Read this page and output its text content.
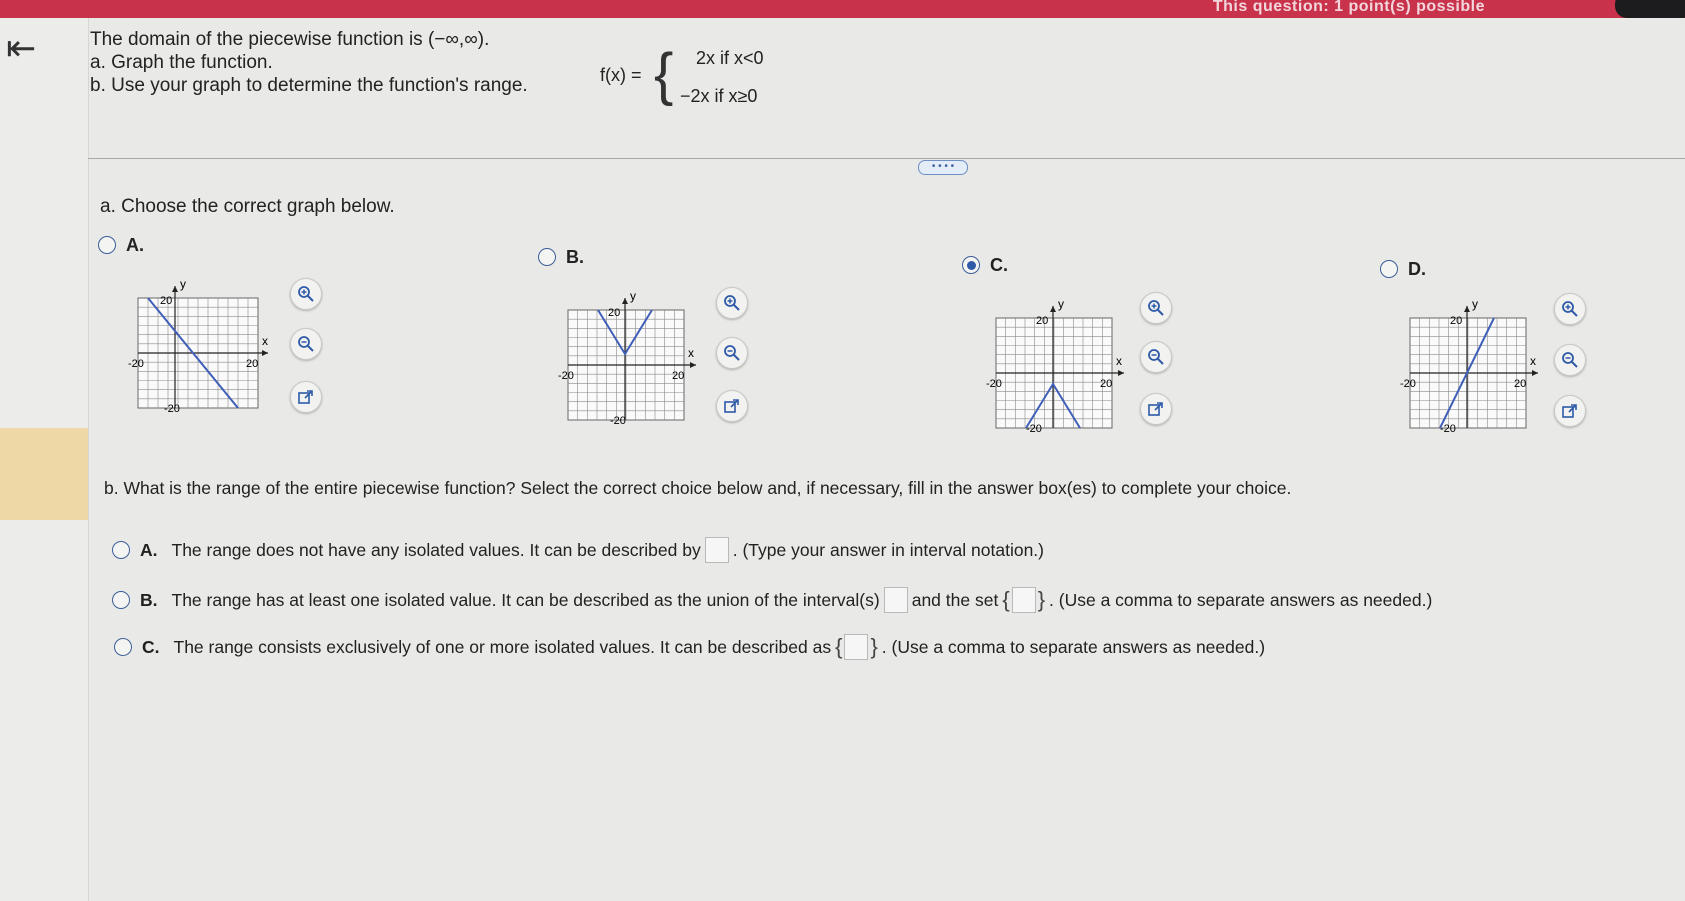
This question: 1 point(s) possible
⇤	The domain of the piecewise function is (−∞,∞).
a. Graph the function.
b. Use your graph to determine the function's range.	f(x) = { 2x if x<0
−2x if x≥0
• • • •
a. Choose the correct graph below.
A.
B.	C.	D.
y
x
20
-20
-20	20
y
x
20
-20
-20	20
y
x
20
-20
-20	20
y
x
20
-20
-20	20
b. What is the range of the entire piecewise function? Select the correct choice below and, if necessary, fill in the answer box(es) to complete your choice.
A. The range does not have any isolated values. It can be described by . (Type your answer in interval notation.)
B. The range has at least one isolated value. It can be described as the union of the interval(s) and the set { } . (Use a comma to separate answers as needed.)
C. The range consists exclusively of one or more isolated values. It can be described as { } . (Use a comma to separate answers as needed.)
